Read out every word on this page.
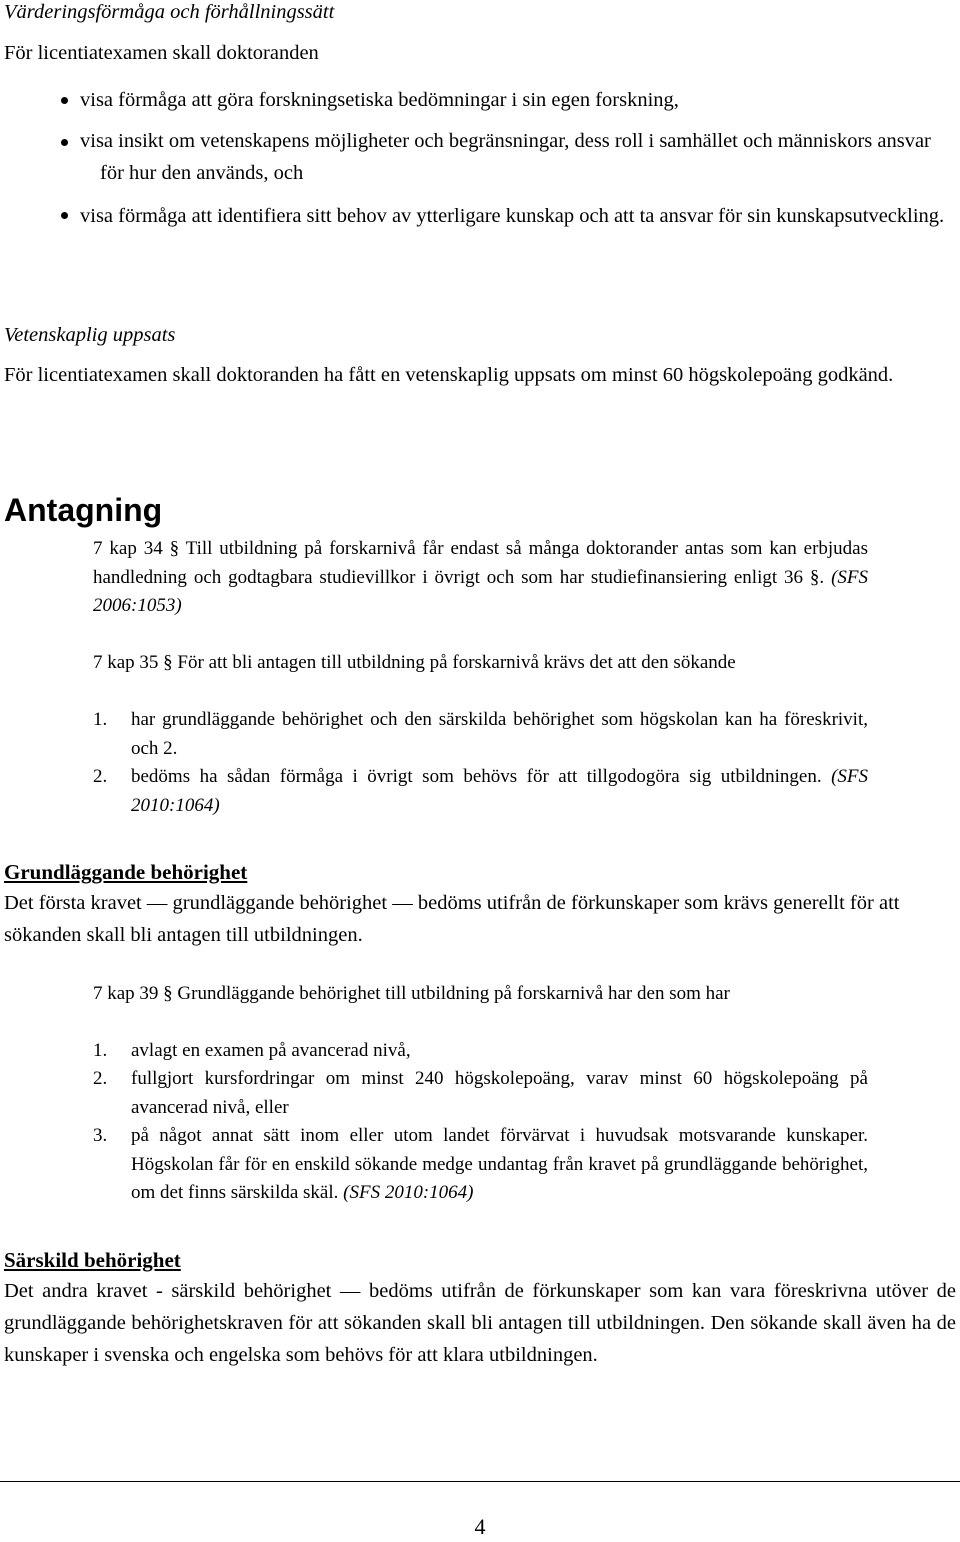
Värderingsförmåga och förhållningssätt
För licentiatexamen skall doktoranden
visa förmåga att göra forskningsetiska bedömningar i sin egen forskning,
visa insikt om vetenskapens möjligheter och begränsningar, dess roll i samhället och människors ansvar för hur den används, och
visa förmåga att identifiera sitt behov av ytterligare kunskap och att ta ansvar för sin kunskapsutveckling.
Vetenskaplig uppsats
För licentiatexamen skall doktoranden ha fått en vetenskaplig uppsats om minst 60 högskolepoäng godkänd.
Antagning
7 kap 34 § Till utbildning på forskarnivå får endast så många doktorander antas som kan erbjudas handledning och godtagbara studievillkor i övrigt och som har studiefinansiering enligt 36 §. (SFS 2006:1053)
7 kap 35 § För att bli antagen till utbildning på forskarnivå krävs det att den sökande
1. har grundläggande behörighet och den särskilda behörighet som högskolan kan ha föreskrivit, och 2.
2. bedöms ha sådan förmåga i övrigt som behövs för att tillgodogöra sig utbildningen. (SFS 2010:1064)
Grundläggande behörighet
Det första kravet — grundläggande behörighet — bedöms utifrån de förkunskaper som krävs generellt för att sökanden skall bli antagen till utbildningen.
7 kap 39 § Grundläggande behörighet till utbildning på forskarnivå har den som har
1. avlagt en examen på avancerad nivå,
2. fullgjort kursfordringar om minst 240 högskolepoäng, varav minst 60 högskolepoäng på avancerad nivå, eller
3. på något annat sätt inom eller utom landet förvärvat i huvudsak motsvarande kunskaper. Högskolan får för en enskild sökande medge undantag från kravet på grundläggande behörighet, om det finns särskilda skäl. (SFS 2010:1064)
Särskild behörighet
Det andra kravet - särskild behörighet — bedöms utifrån de förkunskaper som kan vara föreskrivna utöver de grundläggande behörighetskraven för att sökanden skall bli antagen till utbildningen. Den sökande skall även ha de kunskaper i svenska och engelska som behövs för att klara utbildningen.
4
